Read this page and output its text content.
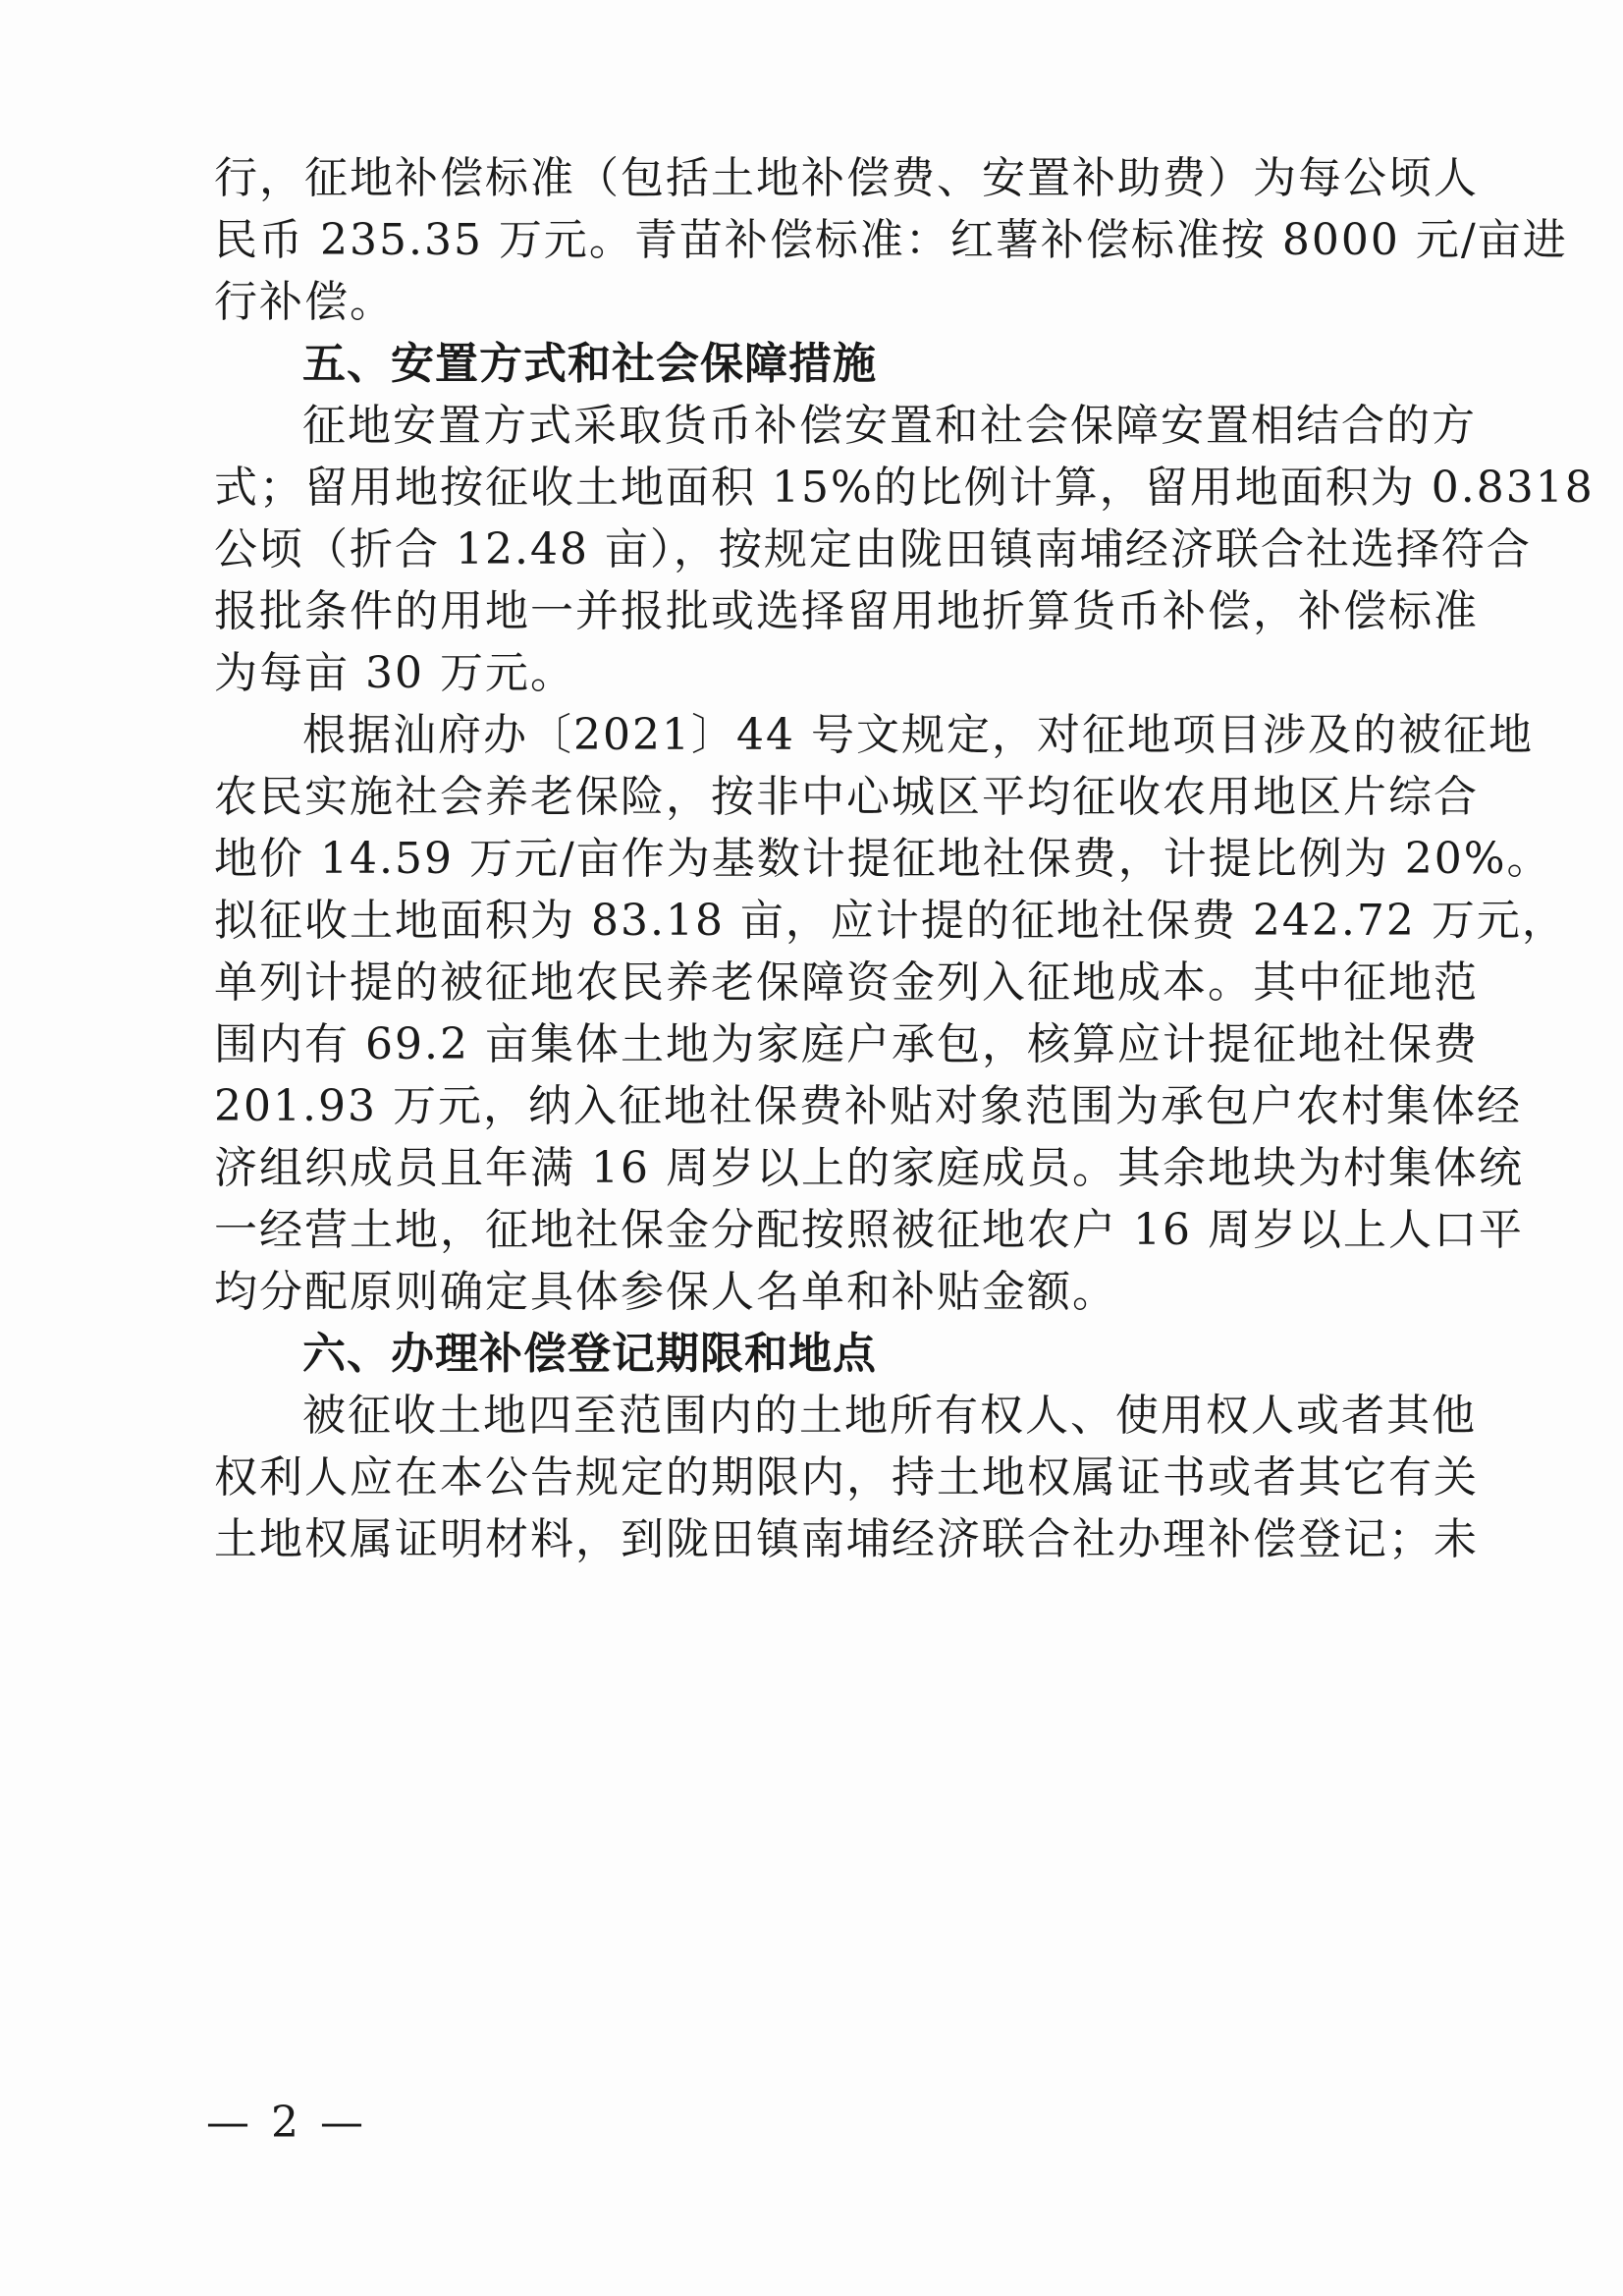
行，征地补偿标准（包括土地补偿费、安置补助费）为每公顷人
民币 235.35 万元。青苗补偿标准：红薯补偿标准按 8000 元/亩进
行补偿。
五、安置方式和社会保障措施
征地安置方式采取货币补偿安置和社会保障安置相结合的方
式；留用地按征收土地面积 15%的比例计算，留用地面积为 0.8318
公顷（折合 12.48 亩），按规定由陇田镇南埔经济联合社选择符合
报批条件的用地一并报批或选择留用地折算货币补偿，补偿标准
为每亩 30 万元。
根据汕府办〔2021〕44 号文规定，对征地项目涉及的被征地
农民实施社会养老保险，按非中心城区平均征收农用地区片综合
地价 14.59 万元/亩作为基数计提征地社保费，计提比例为 20%。
拟征收土地面积为 83.18 亩，应计提的征地社保费 242.72 万元，
单列计提的被征地农民养老保障资金列入征地成本。其中征地范
围内有 69.2 亩集体土地为家庭户承包，核算应计提征地社保费
201.93 万元，纳入征地社保费补贴对象范围为承包户农村集体经
济组织成员且年满 16 周岁以上的家庭成员。其余地块为村集体统
一经营土地，征地社保金分配按照被征地农户 16 周岁以上人口平
均分配原则确定具体参保人名单和补贴金额。
六、办理补偿登记期限和地点
被征收土地四至范围内的土地所有权人、使用权人或者其他
权利人应在本公告规定的期限内，持土地权属证书或者其它有关
土地权属证明材料，到陇田镇南埔经济联合社办理补偿登记；未
— 2 —
